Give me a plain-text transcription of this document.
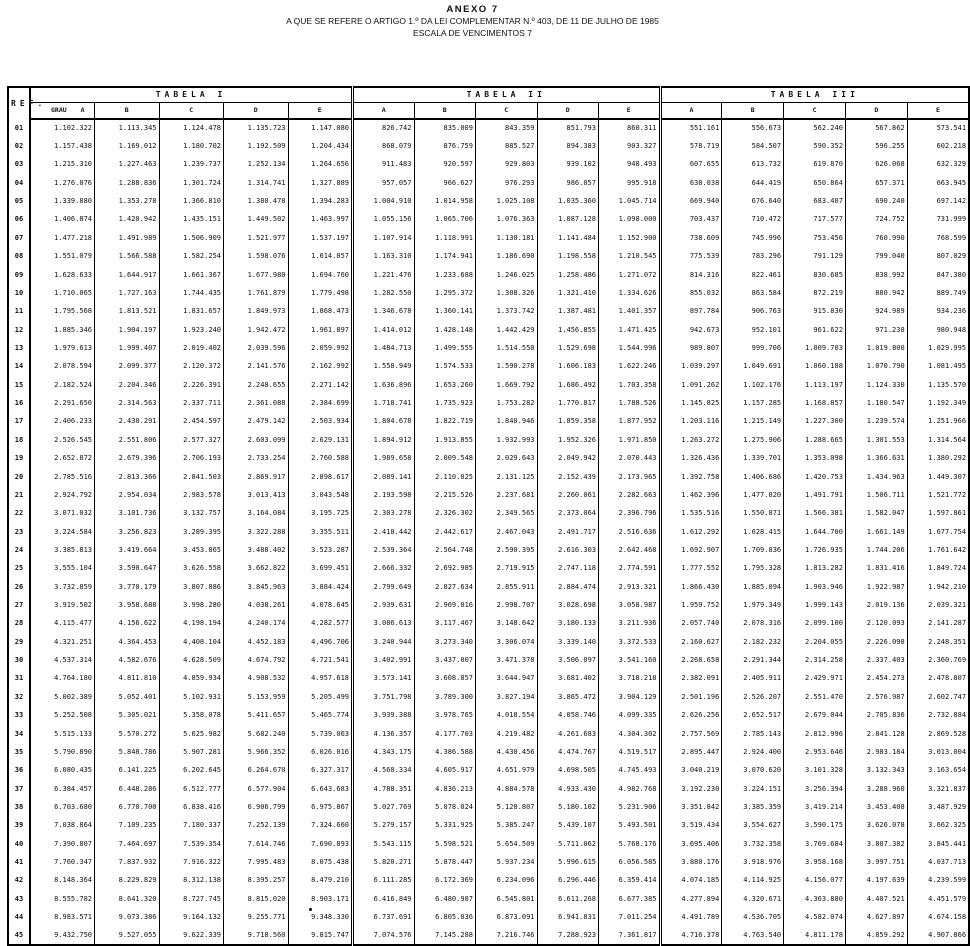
ANEXO 7
A QUE SE REFERE O ARTIGO 1.º DA LEI COMPLEMENTAR N.º 403, DE 11 DE JULHO DE 1985
ESCALA DE VENCIMENTOS 7
REF.	TABELA I					TABELA II					TABELA III				
	GRAU A	B	C	D	E	A	B	C	D	E	A	B	C	D	E
01	1.102.322	1.113.345	1.124.478	1.135.723	1.147.080	826.742	835.009	843.359	851.793	860.311	551.161	556.673	562.240	567.862	573.541
02	1.157.438	1.169.012	1.180.702	1.192.509	1.204.434	868.079	876.759	885.527	894.383	903.327	578.719	584.507	590.352	596.255	602.218
03	1.215.310	1.227.463	1.239.737	1.252.134	1.264.656	911.483	920.597	929.803	939.102	948.493	607.655	613.732	619.870	626.068	632.329
04	1.276.076	1.288.836	1.301.724	1.314.741	1.327.889	957.057	966.627	976.293	986.057	995.918	638.038	644.419	650.864	657.371	663.945
05	1.339.880	1.353.278	1.366.810	1.380.478	1.394.283	1.004.910	1.014.958	1.025.108	1.035.360	1.045.714	669.940	676.640	683.407	690.240	697.142
06	1.406.874	1.420.942	1.435.151	1.449.502	1.463.997	1.055.156	1.065.706	1.076.363	1.087.128	1.098.000	703.437	710.472	717.577	724.752	731.999
07	1.477.218	1.491.989	1.506.909	1.521.977	1.537.197	1.107.914	1.118.991	1.130.181	1.141.484	1.152.900	738.609	745.996	753.456	760.990	768.599
08	1.551.079	1.566.588	1.582.254	1.598.076	1.614.057	1.163.310	1.174.941	1.186.690	1.198.558	1.210.545	775.539	783.296	791.129	799.040	807.029
09	1.628.633	1.644.917	1.661.367	1.677.980	1.694.760	1.221.476	1.233.688	1.246.025	1.258.486	1.271.072	814.316	822.461	830.685	838.992	847.380
10	1.710.065	1.727.163	1.744.435	1.761.879	1.779.498	1.282.550	1.295.372	1.308.326	1.321.410	1.334.626	855.032	863.584	872.219	880.942	889.749
11	1.795.568	1.813.521	1.831.657	1.849.973	1.868.473	1.346.678	1.360.141	1.373.742	1.387.481	1.401.357	897.784	906.763	915.830	924.989	934.236
12	1.885.346	1.904.197	1.923.240	1.942.472	1.961.897	1.414.012	1.428.148	1.442.429	1.456.855	1.471.425	942.673	952.101	961.622	971.238	980.948
13	1.979.613	1.999.407	2.019.402	2.039.596	2.059.992	1.484.713	1.499.555	1.514.550	1.529.698	1.544.996	989.807	999.706	1.009.703	1.019.800	1.029.995
14	2.078.594	2.099.377	2.120.372	2.141.576	2.162.992	1.558.949	1.574.533	1.590.278	1.606.183	1.622.246	1.039.297	1.049.691	1.060.188	1.070.790	1.081.495
15	2.182.524	2.204.346	2.226.391	2.248.655	2.271.142	1.636.896	1.653.260	1.669.792	1.686.492	1.703.358	1.091.262	1.102.176	1.113.197	1.124.330	1.135.570
16	2.291.650	2.314.563	2.337.711	2.361.088	2.384.699	1.718.741	1.735.923	1.753.282	1.770.817	1.788.526	1.145.825	1.157.285	1.168.857	1.180.547	1.192.349
17	2.406.233	2.430.291	2.454.597	2.479.142	2.503.934	1.804.678	1.822.719	1.840.946	1.859.358	1.877.952	1.203.116	1.215.149	1.227.300	1.239.574	1.251.966
18	2.526.545	2.551.806	2.577.327	2.603.099	2.629.131	1.894.912	1.913.855	1.932.993	1.952.326	1.971.850	1.263.272	1.275.906	1.288.665	1.301.553	1.314.564
19	2.652.872	2.679.396	2.706.193	2.733.254	2.760.588	1.989.658	2.009.548	2.029.643	2.049.942	2.070.443	1.326.436	1.339.701	1.353.098	1.366.631	1.380.292
20	2.785.516	2.813.366	2.841.503	2.869.917	2.898.617	2.089.141	2.110.025	2.131.125	2.152.439	2.173.965	1.392.758	1.406.686	1.420.753	1.434.963	1.449.307
21	2.924.792	2.954.034	2.983.578	3.013.413	3.043.548	2.193.598	2.215.526	2.237.681	2.260.061	2.282.663	1.462.396	1.477.020	1.491.791	1.506.711	1.521.772
22	3.071.032	3.101.736	3.132.757	3.164.084	3.195.725	2.303.278	2.326.302	2.349.565	2.373.064	2.396.796	1.535.516	1.550.871	1.566.381	1.582.047	1.597.861
23	3.224.584	3.256.823	3.289.395	3.322.288	3.355.511	2.418.442	2.442.617	2.467.043	2.491.717	2.516.636	1.612.292	1.628.415	1.644.700	1.661.149	1.677.754
24	3.385.813	3.419.664	3.453.865	3.488.402	3.523.287	2.539.364	2.564.748	2.590.395	2.616.303	2.642.468	1.692.907	1.709.836	1.726.935	1.744.206	1.761.642
25	3.555.104	3.590.647	3.626.558	3.662.822	3.699.451	2.666.332	2.692.985	2.719.915	2.747.118	2.774.591	1.777.552	1.795.328	1.813.282	1.831.416	1.849.724
26	3.732.859	3.770.179	3.807.886	3.845.963	3.884.424	2.799.649	2.827.634	2.855.911	2.884.474	2.913.321	1.866.430	1.885.094	1.903.946	1.922.987	1.942.210
27	3.919.502	3.958.688	3.998.280	4.038.261	4.078.645	2.939.631	2.969.016	2.998.707	3.028.698	3.058.987	1.959.752	1.979.349	1.999.143	2.019.136	2.039.321
28	4.115.477	4.156.622	4.198.194	4.240.174	4.282.577	3.086.613	3.117.467	3.148.642	3.180.133	3.211.936	2.057.740	2.078.316	2.099.100	2.120.093	2.141.287
29	4.321.251	4.364.453	4.408.104	4.452.183	4.496.706	3.240.944	3.273.340	3.306.074	3.339.140	3.372.533	2.160.627	2.182.232	2.204.055	2.226.098	2.248.351
30	4.537.314	4.582.676	4.628.509	4.674.792	4.721.541	3.402.991	3.437.007	3.471.378	3.506.097	3.541.160	2.268.658	2.291.344	2.314.258	2.337.403	2.360.769
31	4.764.180	4.811.810	4.859.934	4.908.532	4.957.618	3.573.141	3.608.857	3.644.947	3.681.402	3.718.218	2.382.091	2.405.911	2.429.971	2.454.273	2.478.807
32	5.002.389	5.052.401	5.102.931	5.153.959	5.205.499	3.751.798	3.789.300	3.827.194	3.865.472	3.904.129	2.501.196	2.526.207	2.551.470	2.576.987	2.602.747
33	5.252.508	5.305.021	5.358.078	5.411.657	5.465.774	3.939.388	3.978.765	4.018.554	4.058.746	4.099.335	2.626.256	2.652.517	2.679.044	2.705.836	2.732.884
34	5.515.133	5.570.272	5.625.982	5.682.240	5.739.063	4.136.357	4.177.703	4.219.482	4.261.683	4.304.302	2.757.569	2.785.143	2.812.996	2.841.128	2.869.528
35	5.790.890	5.848.786	5.907.281	5.966.352	6.026.016	4.343.175	4.386.588	4.430.456	4.474.767	4.519.517	2.895.447	2.924.400	2.953.646	2.983.184	3.013.004
36	6.080.435	6.141.225	6.202.645	6.264.670	6.327.317	4.560.334	4.605.917	4.651.979	4.698.505	4.745.493	3.040.219	3.070.620	3.101.328	3.132.343	3.163.654
37	6.384.457	6.448.286	6.512.777	6.577.904	6.643.683	4.788.351	4.836.213	4.884.578	4.933.430	4.982.768	3.192.230	3.224.151	3.256.394	3.288.960	3.321.837
38	6.703.680	6.770.700	6.838.416	6.906.799	6.975.867	5.027.769	5.078.024	5.128.807	5.180.102	5.231.906	3.351.842	3.385.359	3.419.214	3.453.408	3.487.929
39	7.038.864	7.109.235	7.180.337	7.252.139	7.324.660	5.279.157	5.331.925	5.385.247	5.439.107	5.493.501	3.519.434	3.554.627	3.590.175	3.626.078	3.662.325
40	7.390.807	7.464.697	7.539.354	7.614.746	7.690.893	5.543.115	5.598.521	5.654.509	5.711.062	5.768.176	3.695.406	3.732.358	3.769.684	3.807.382	3.845.441
41	7.760.347	7.837.932	7.916.322	7.995.483	8.075.438	5.820.271	5.878.447	5.937.234	5.996.615	6.056.585	3.880.176	3.918.976	3.958.168	3.997.751	4.037.713
42	8.148.364	8.229.829	8.312.138	8.395.257	8.479.210	6.111.285	6.172.369	6.234.096	6.296.446	6.359.414	4.074.185	4.114.925	4.156.077	4.197.639	4.239.599
43	8.555.782	8.641.320	8.727.745	8.815.020	8.903.171	6.416.849	6.480.987	6.545.801	6.611.268	6.677.385	4.277.894	4.320.671	4.363.880	4.407.521	4.451.579
44	8.983.571	9.073.386	9.164.132	9.255.771	9.348.330	6.737.691	6.805.036	6.873.091	6.941.831	7.011.254	4.491.789	4.536.705	4.582.074	4.627.897	4.674.158
45	9.432.750	9.527.055	9.622.339	9.718.560	9.815.747	7.074.576	7.145.288	7.216.746	7.288.923	7.361.817	4.716.378	4.763.540	4.811.178	4.859.292	4.907.866
